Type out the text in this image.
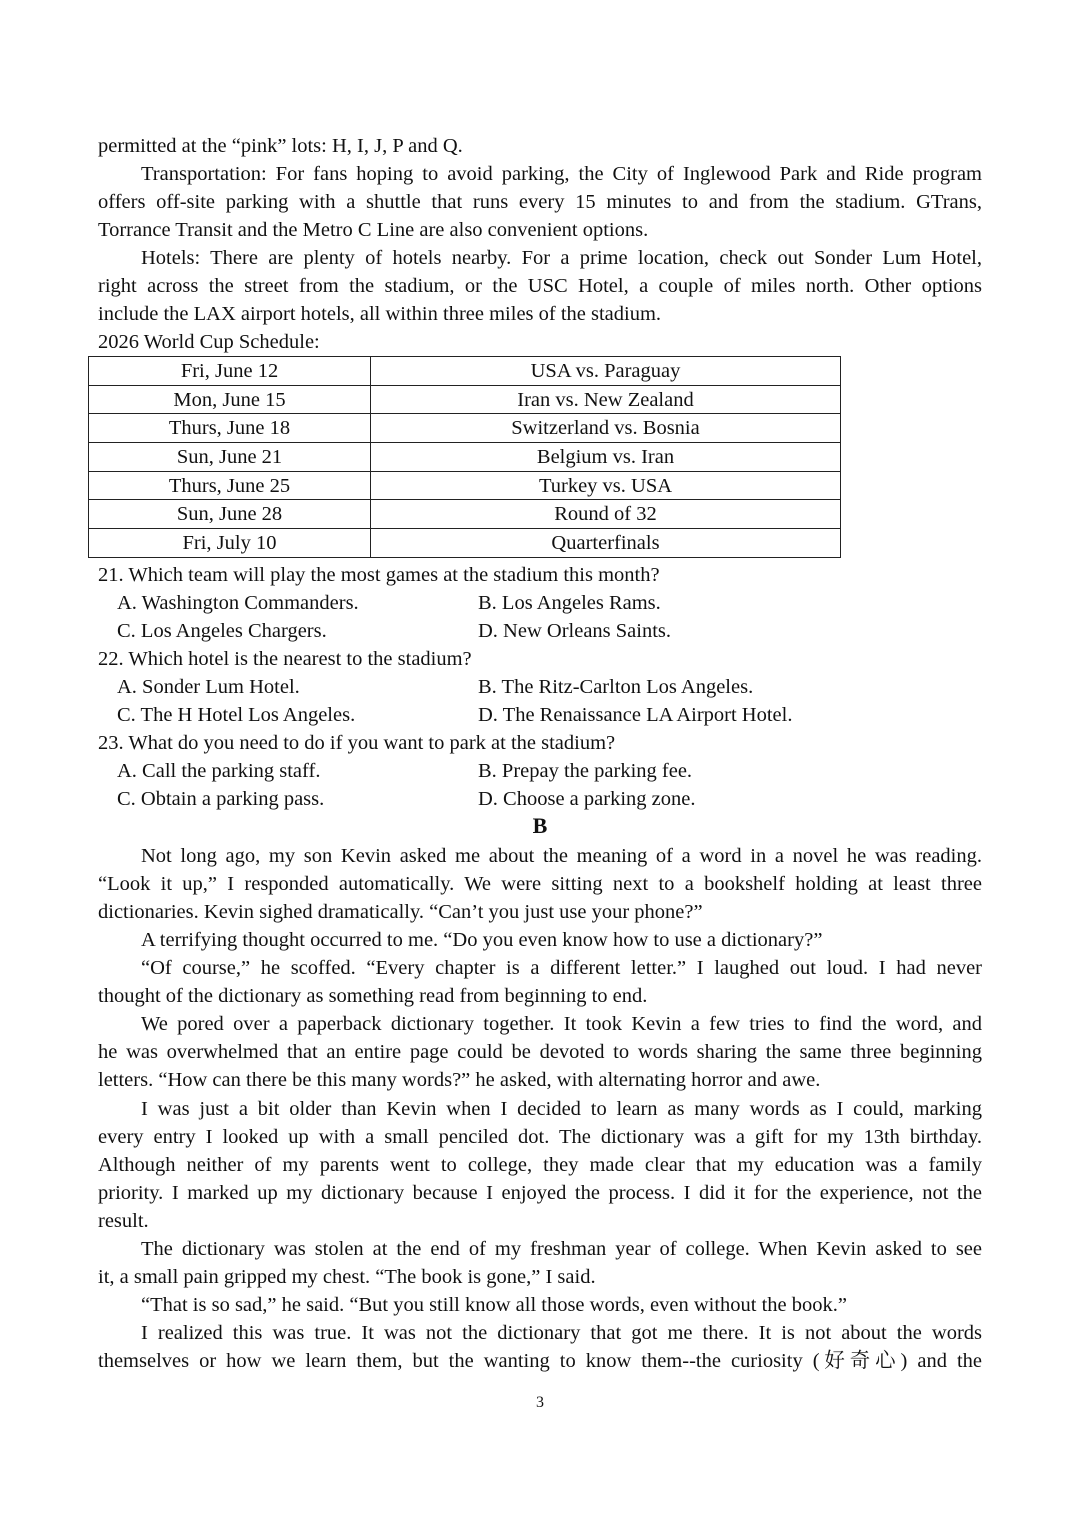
permitted at the “pink” lots: H, I, J, P and Q.
Transportation: For fans hoping to avoid parking, the City of Inglewood Park and Ride program
offers off-site parking with a shuttle that runs every 15 minutes to and from the stadium. GTrans,
Torrance Transit and the Metro C Line are also convenient options.
Hotels: There are plenty of hotels nearby. For a prime location, check out Sonder Lum Hotel,
right across the street from the stadium, or the USC Hotel, a couple of miles north. Other options
include the LAX airport hotels, all within three miles of the stadium.
2026 World Cup Schedule:
Fri, June 12	USA vs. Paraguay
Mon, June 15	Iran vs. New Zealand
Thurs, June 18	Switzerland vs. Bosnia
Sun, June 21	Belgium vs. Iran
Thurs, June 25	Turkey vs. USA
Sun, June 28	Round of 32
Fri, July 10	Quarterfinals
21. Which team will play the most games at the stadium this month?
A. Washington Commanders.	B. Los Angeles Rams.
C. Los Angeles Chargers.	D. New Orleans Saints.
22. Which hotel is the nearest to the stadium?
A. Sonder Lum Hotel.	B. The Ritz-Carlton Los Angeles.
C. The H Hotel Los Angeles.	D. The Renaissance LA Airport Hotel.
23. What do you need to do if you want to park at the stadium?
A. Call the parking staff.	B. Prepay the parking fee.
C. Obtain a parking pass.	D. Choose a parking zone.
B
Not long ago, my son Kevin asked me about the meaning of a word in a novel he was reading.
“Look it up,” I responded automatically. We were sitting next to a bookshelf holding at least three
dictionaries. Kevin sighed dramatically. “Can’t you just use your phone?”
A terrifying thought occurred to me. “Do you even know how to use a dictionary?”
“Of course,” he scoffed. “Every chapter is a different letter.” I laughed out loud. I had never
thought of the dictionary as something read from beginning to end.
We pored over a paperback dictionary together. It took Kevin a few tries to find the word, and
he was overwhelmed that an entire page could be devoted to words sharing the same three beginning
letters. “How can there be this many words?” he asked, with alternating horror and awe.
I was just a bit older than Kevin when I decided to learn as many words as I could, marking
every entry I looked up with a small penciled dot. The dictionary was a gift for my 13th birthday.
Although neither of my parents went to college, they made clear that my education was a family
priority. I marked up my dictionary because I enjoyed the process. I did it for the experience, not the
result.
The dictionary was stolen at the end of my freshman year of college. When Kevin asked to see
it, a small pain gripped my chest. “The book is gone,” I said.
“That is so sad,” he said. “But you still know all those words, even without the book.”
I realized this was true. It was not the dictionary that got me there. It is not about the words
themselves or how we learn them, but the wanting to know them--the curiosity (好奇心) and the
3
